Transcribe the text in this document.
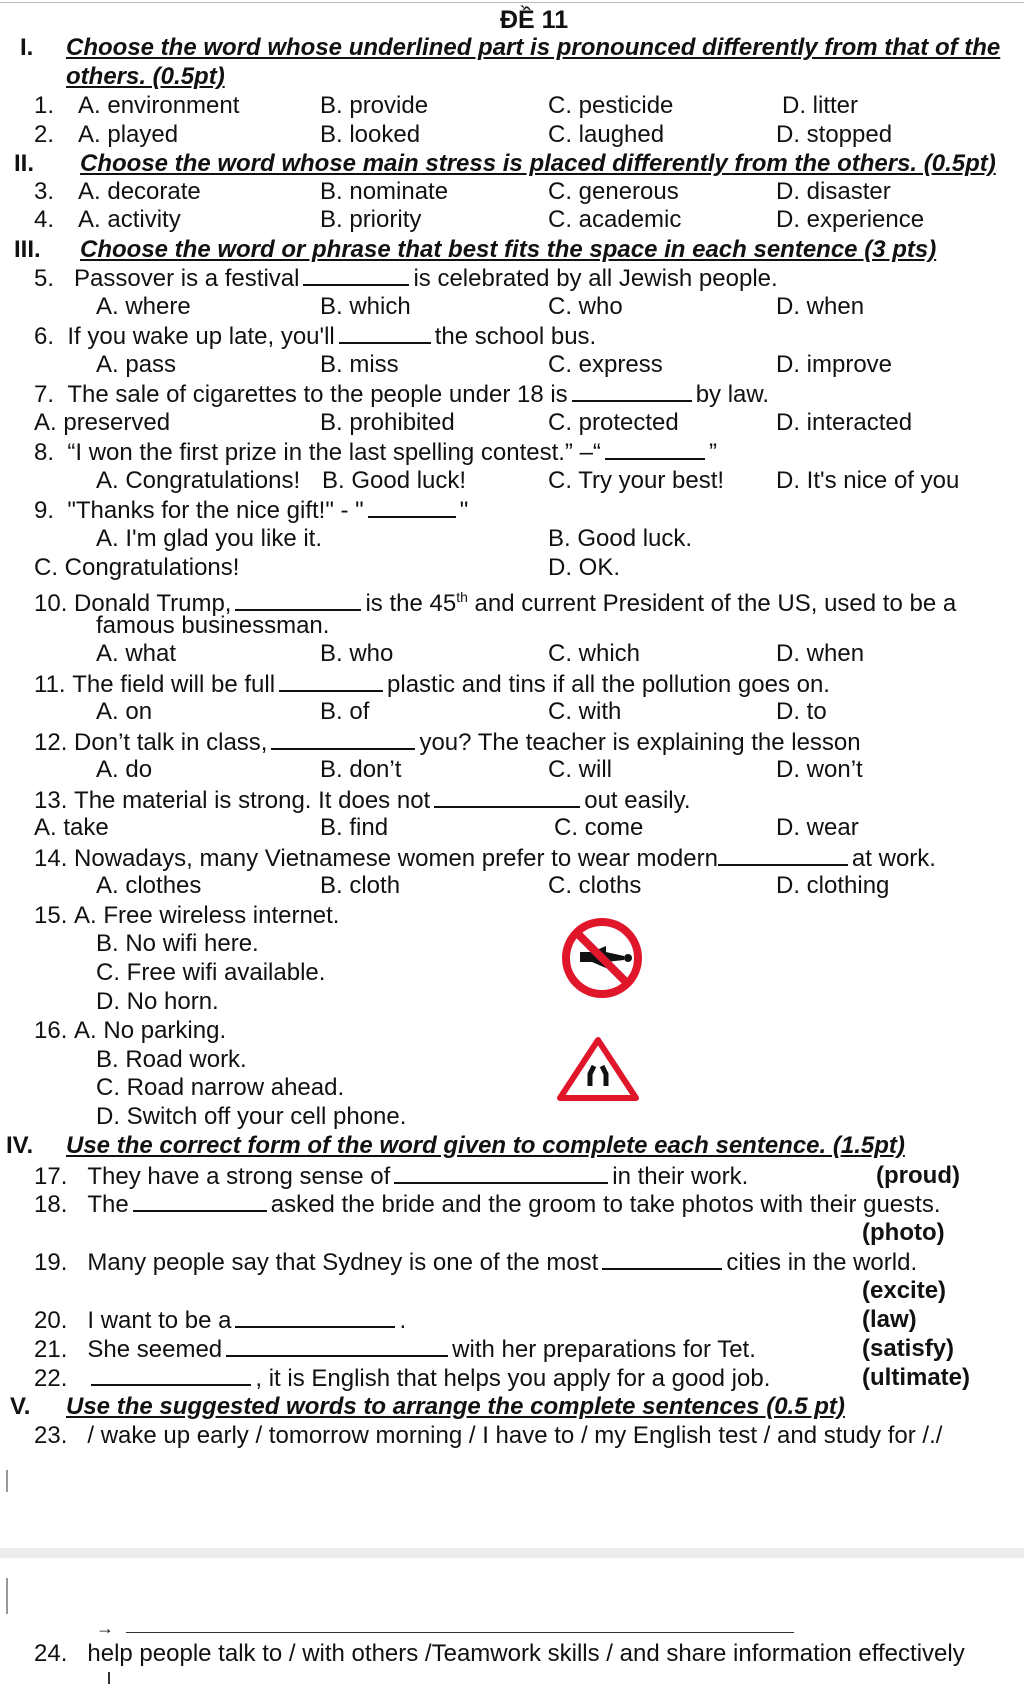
ĐỀ 11
I. Choose the word whose underlined part is pronounced differently from that of the
others. (0.5pt)
1. A. environment	B. provide	C. pesticide	D. litter
2. A. played	B. looked	C. laughed	D. stopped
II. Choose the word whose main stress is placed differently from the others. (0.5pt)
3. A. decorate	B. nominate	C. generous	D. disaster
4. A. activity	B. priority	C. academic	D. experience
III. Choose the word or phrase that best fits the space in each sentence (3 pts)
5. Passover is a festival	is celebrated by all Jewish people.
A. where	B. which	C. who	D. when
6. If you wake up late, you'll	the school bus.
A. pass	B. miss	C. express	D. improve
7. The sale of cigarettes to the people under 18 is	by law.
A. preserved	B. prohibited	C. protected	D. interacted
8. “I won the first prize in the last spelling contest.” –“	”
A. Congratulations! B. Good luck!	C. Try your best! D. It's nice of you
9. "Thanks for the nice gift!" - "	"
A. I'm glad you like it.	B. Good luck.
C. Congratulations!	D. OK.
10. Donald Trump,	is the 45th and current President of the US, used to be a
famous businessman.
A. what	B. who	C. which	D. when
11. The field will be full	plastic and tins if all the pollution goes on.
A. on	B. of	C. with	D. to
12. Don’t talk in class,	you? The teacher is explaining the lesson
A. do	B. don’t	C. will	D. won’t
13. The material is strong. It does not	out easily.
A. take	B. find	C. come	D. wear
14. Nowadays, many Vietnamese women prefer to wear modern	at work.
A. clothes	B. cloth	C. cloths	D. clothing
15. A. Free wireless internet.
B. No wifi here.
C. Free wifi available.
D. No horn.
16. A. No parking.
B. Road work.
C. Road narrow ahead.
D. Switch off your cell phone.
IV. Use the correct form of the word given to complete each sentence. (1.5pt)
17. They have a strong sense of	in their work.	(proud)
18. The	asked the bride and the groom to take photos with their guests.
(photo)
19. Many people say that Sydney is one of the most	cities in the world.
(excite)
20. I want to be a	.	(law)
21. She seemed	with her preparations for Tet.	(satisfy)
22.	, it is English that helps you apply for a good job.	(ultimate)
V. Use the suggested words to arrange the complete sentences (0.5 pt)
23. / wake up early / tomorrow morning / I have to / my English test / and study for /./
→
24. help people talk to / with others /Teamwork skills / and share information effectively
